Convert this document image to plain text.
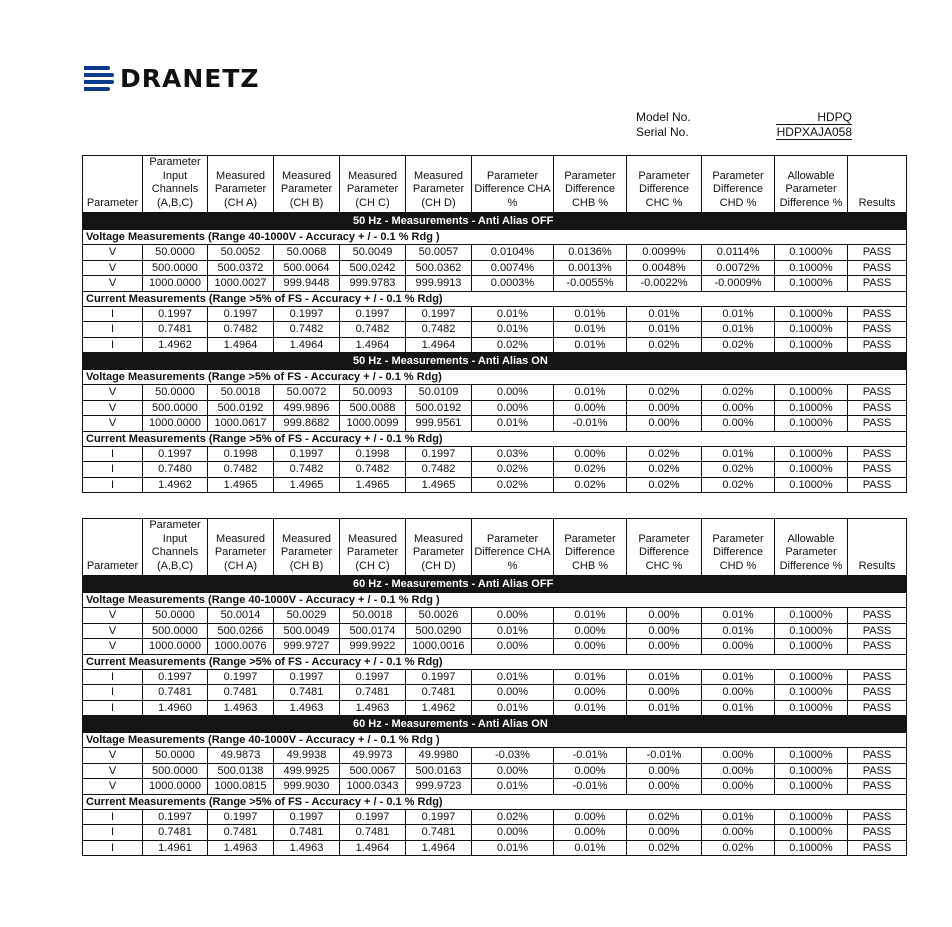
DRANETZ
Model No.	HDPQ
Serial No.	HDPXAJA058
Parameter	Parameter Input Channels (A,B,C)	Measured Parameter (CH A)	Measured Parameter (CH B)	Measured Parameter (CH C)	Measured Parameter (CH D)	Parameter Difference CHA %	Parameter Difference CHB %	Parameter Difference CHC %	Parameter Difference CHD %	Allowable Parameter Difference %	Results

50 Hz - Measurements - Anti Alias OFF											
Voltage Measurements (Range 40-1000V - Accuracy + / - 0.1 % Rdg )											
V	50.0000	50.0052	50.0068	50.0049	50.0057	0.0104%	0.0136%	0.0099%	0.0114%	0.1000%	PASS
V	500.0000	500.0372	500.0064	500.0242	500.0362	0.0074%	0.0013%	0.0048%	0.0072%	0.1000%	PASS
V	1000.0000	1000.0027	999.9448	999.9783	999.9913	0.0003%	-0.0055%	-0.0022%	-0.0009%	0.1000%	PASS
Current Measurements (Range >5% of FS - Accuracy + / - 0.1 % Rdg)											
I	0.1997	0.1997	0.1997	0.1997	0.1997	0.01%	0.01%	0.01%	0.01%	0.1000%	PASS
I	0.7481	0.7482	0.7482	0.7482	0.7482	0.01%	0.01%	0.01%	0.01%	0.1000%	PASS
I	1.4962	1.4964	1.4964	1.4964	1.4964	0.02%	0.01%	0.02%	0.02%	0.1000%	PASS
50 Hz - Measurements - Anti Alias ON											
Voltage Measurements (Range >5% of FS - Accuracy + / - 0.1 % Rdg)											
V	50.0000	50.0018	50.0072	50.0093	50.0109	0.00%	0.01%	0.02%	0.02%	0.1000%	PASS
V	500.0000	500.0192	499.9896	500.0088	500.0192	0.00%	0.00%	0.00%	0.00%	0.1000%	PASS
V	1000.0000	1000.0617	999.8682	1000.0099	999.9561	0.01%	-0.01%	0.00%	0.00%	0.1000%	PASS
Current Measurements (Range >5% of FS - Accuracy + / - 0.1 % Rdg)											
I	0.1997	0.1998	0.1997	0.1998	0.1997	0.03%	0.00%	0.02%	0.01%	0.1000%	PASS
I	0.7480	0.7482	0.7482	0.7482	0.7482	0.02%	0.02%	0.02%	0.02%	0.1000%	PASS
I	1.4962	1.4965	1.4965	1.4965	1.4965	0.02%	0.02%	0.02%	0.02%	0.1000%	PASS
Parameter	Parameter Input Channels (A,B,C)	Measured Parameter (CH A)	Measured Parameter (CH B)	Measured Parameter (CH C)	Measured Parameter (CH D)	Parameter Difference CHA %	Parameter Difference CHB %	Parameter Difference CHC %	Parameter Difference CHD %	Allowable Parameter Difference %	Results

60 Hz - Measurements - Anti Alias OFF											
Voltage Measurements (Range 40-1000V - Accuracy + / - 0.1 % Rdg )											
V	50.0000	50.0014	50.0029	50.0018	50.0026	0.00%	0.01%	0.00%	0.01%	0.1000%	PASS
V	500.0000	500.0266	500.0049	500.0174	500.0290	0.01%	0.00%	0.00%	0.01%	0.1000%	PASS
V	1000.0000	1000.0076	999.9727	999.9922	1000.0016	0.00%	0.00%	0.00%	0.00%	0.1000%	PASS
Current Measurements (Range >5% of FS - Accuracy + / - 0.1 % Rdg)											
I	0.1997	0.1997	0.1997	0.1997	0.1997	0.01%	0.01%	0.01%	0.01%	0.1000%	PASS
I	0.7481	0.7481	0.7481	0.7481	0.7481	0.00%	0.00%	0.00%	0.00%	0.1000%	PASS
I	1.4960	1.4963	1.4963	1.4963	1.4962	0.01%	0.01%	0.01%	0.01%	0.1000%	PASS
60 Hz - Measurements - Anti Alias ON											
Voltage Measurements (Range 40-1000V - Accuracy + / - 0.1 % Rdg )											
V	50.0000	49.9873	49.9938	49.9973	49.9980	-0.03%	-0.01%	-0.01%	0.00%	0.1000%	PASS
V	500.0000	500.0138	499.9925	500.0067	500.0163	0.00%	0.00%	0.00%	0.00%	0.1000%	PASS
V	1000.0000	1000.0815	999.9030	1000.0343	999.9723	0.01%	-0.01%	0.00%	0.00%	0.1000%	PASS
Current Measurements (Range >5% of FS - Accuracy + / - 0.1 % Rdg)											
I	0.1997	0.1997	0.1997	0.1997	0.1997	0.02%	0.00%	0.02%	0.01%	0.1000%	PASS
I	0.7481	0.7481	0.7481	0.7481	0.7481	0.00%	0.00%	0.00%	0.00%	0.1000%	PASS
I	1.4961	1.4963	1.4963	1.4964	1.4964	0.01%	0.01%	0.02%	0.02%	0.1000%	PASS
